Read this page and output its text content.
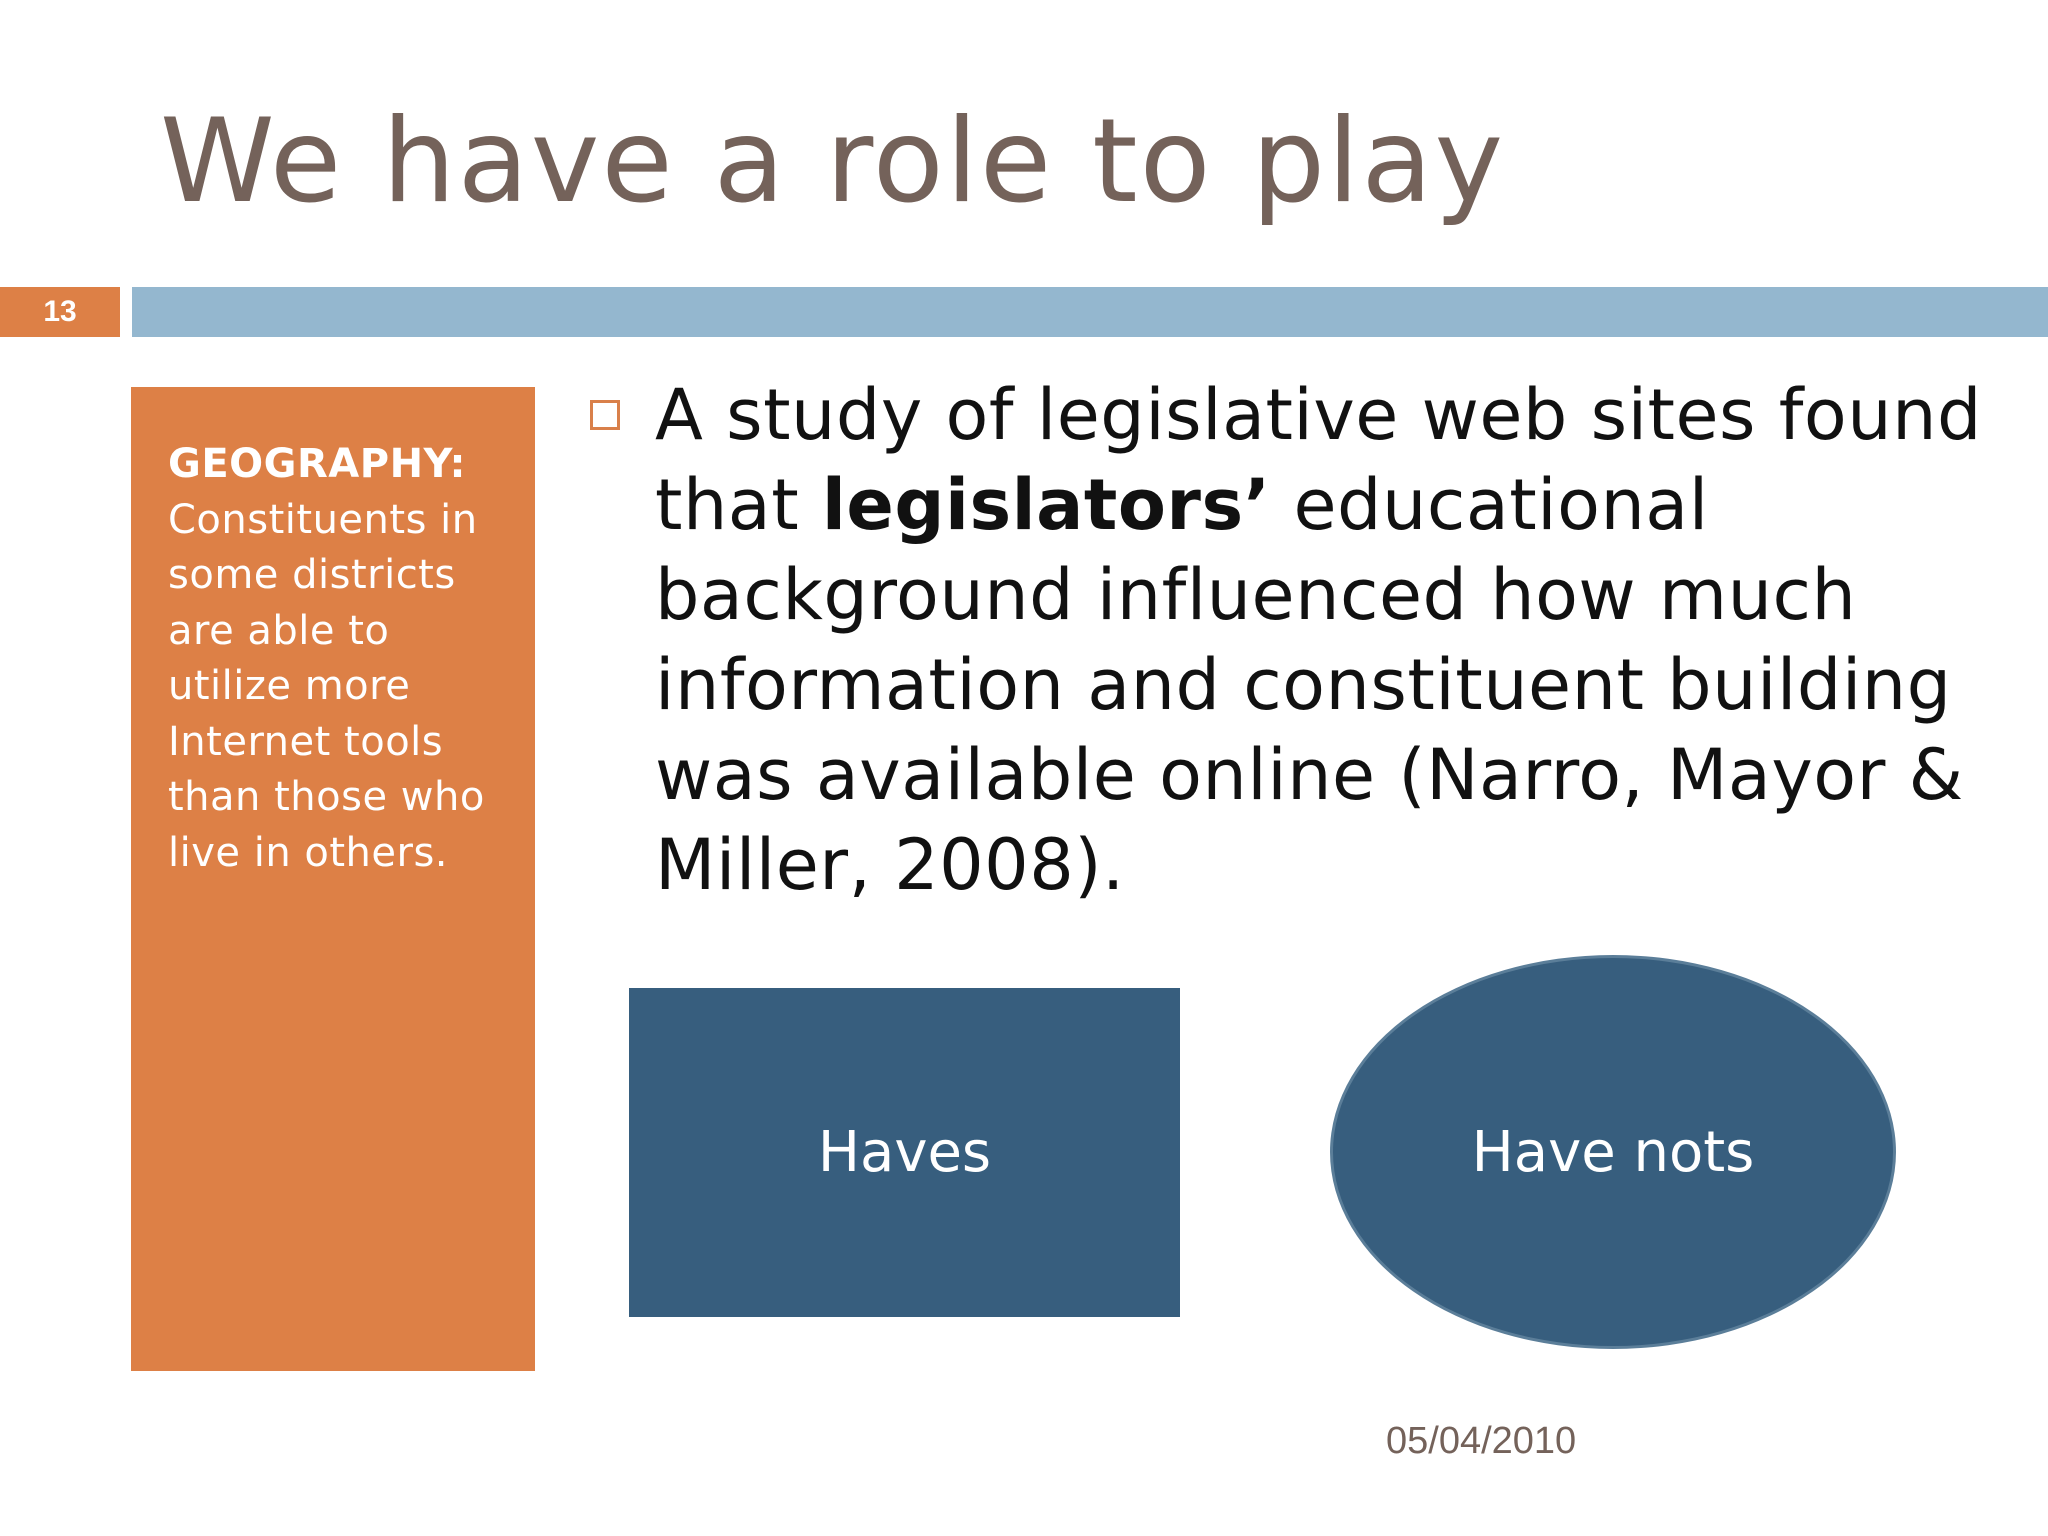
We have a role to play
13
GEOGRAPHY:
Constituents in
some districts
are able to
utilize more
Internet tools
than those who
live in others.
A study of legislative web sites found that legislators’ educational background influenced how much information and constituent building was available online (Narro, Mayor & Miller, 2008).
Haves	Have nots
05/04/2010
